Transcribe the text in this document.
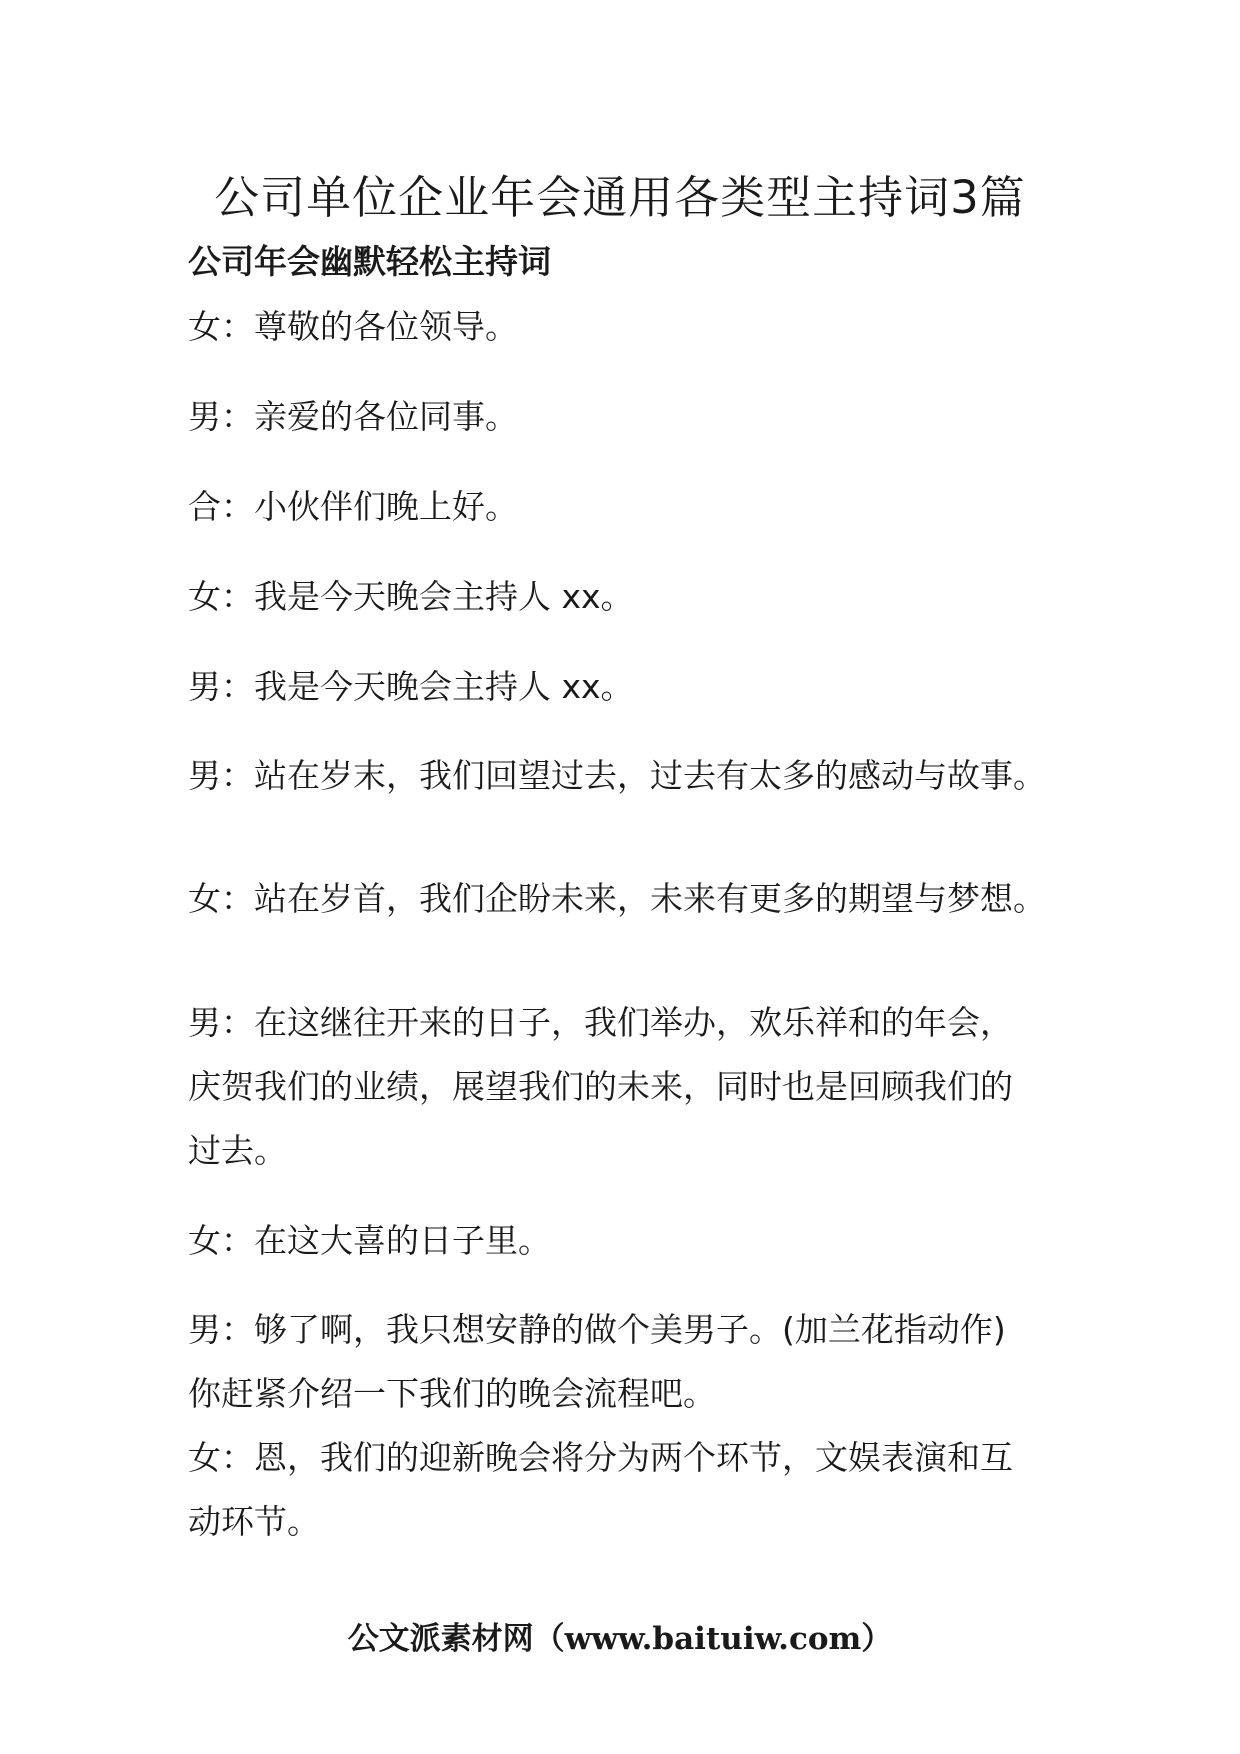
公司单位企业年会通用各类型主持词3篇
公司年会幽默轻松主持词

女：尊敬的各位领导。

男：亲爱的各位同事。

合：小伙伴们晚上好。

女：我是今天晚会主持人 xx。

男：我是今天晚会主持人 xx。

男：站在岁末，我们回望过去，过去有太多的感动与故事。

女：站在岁首，我们企盼未来，未来有更多的期望与梦想。

男：在这继往开来的日子，我们举办，欢乐祥和的年会，

庆贺我们的业绩，展望我们的未来，同时也是回顾我们的

过去。

女：在这大喜的日子里。

男：够了啊，我只想安静的做个美男子。(加兰花指动作)

你赶紧介绍一下我们的晚会流程吧。

女：恩，我们的迎新晚会将分为两个环节，文娱表演和互

动环节。

公文派素材网（www.baituiw.com）
